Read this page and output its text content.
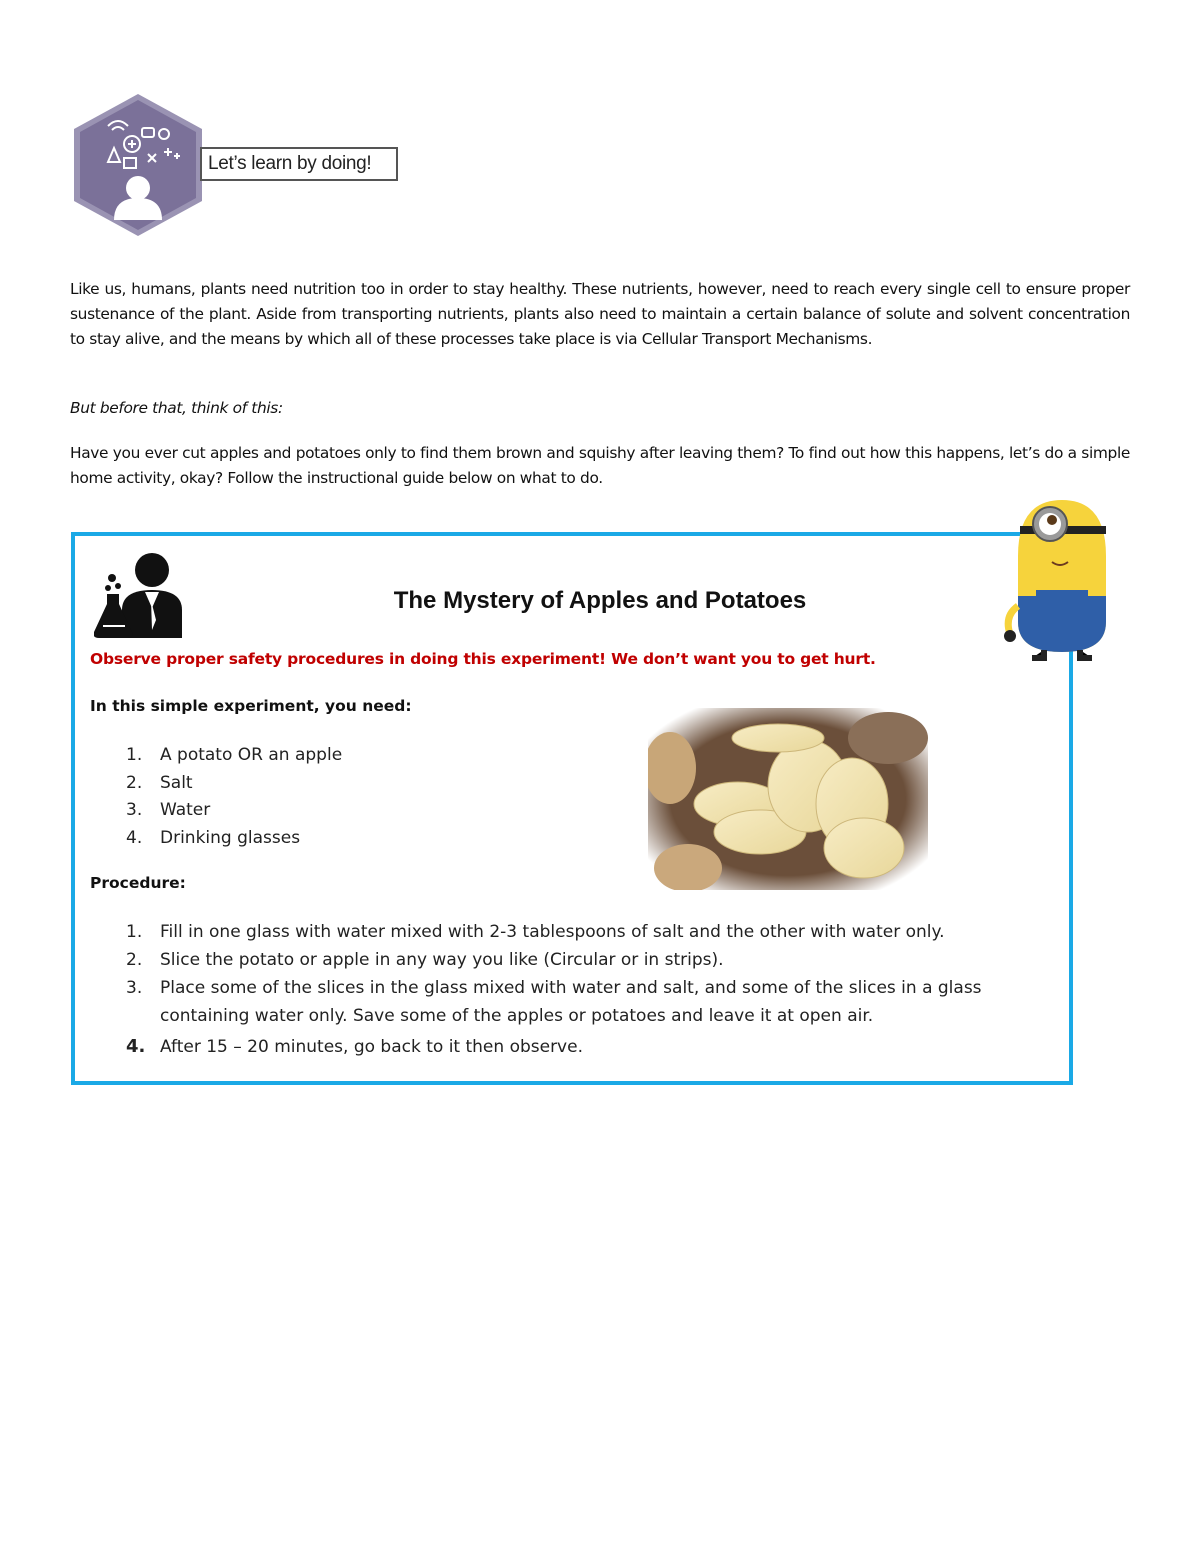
Let’s learn by doing!

Like us, humans, plants need nutrition too in order to stay healthy. These nutrients, however, need to reach every single cell to ensure proper sustenance of the plant. Aside from transporting nutrients, plants also need to maintain a certain balance of solute and solvent concentration to stay alive, and the means by which all of these processes take place is via Cellular Transport Mechanisms.

But before that, think of this:

Have you ever cut apples and potatoes only to find them brown and squishy after leaving them? To find out how this happens, let’s do a simple home activity, okay? Follow the instructional guide below on what to do.

The Mystery of Apples and Potatoes
Observe proper safety procedures in doing this experiment! We don’t want you to get hurt.
In this simple experiment, you need:
1. A potato OR an apple
2. Salt
3. Water
4. Drinking glasses
Procedure:
1. Fill in one glass with water mixed with 2-3 tablespoons of salt and the other with water only.
2. Slice the potato or apple in any way you like (Circular or in strips).
3. Place some of the slices in the glass mixed with water and salt, and some of the slices in a glass containing water only. Save some of the apples or potatoes and leave it at open air.
4. After 15 – 20 minutes, go back to it then observe.
